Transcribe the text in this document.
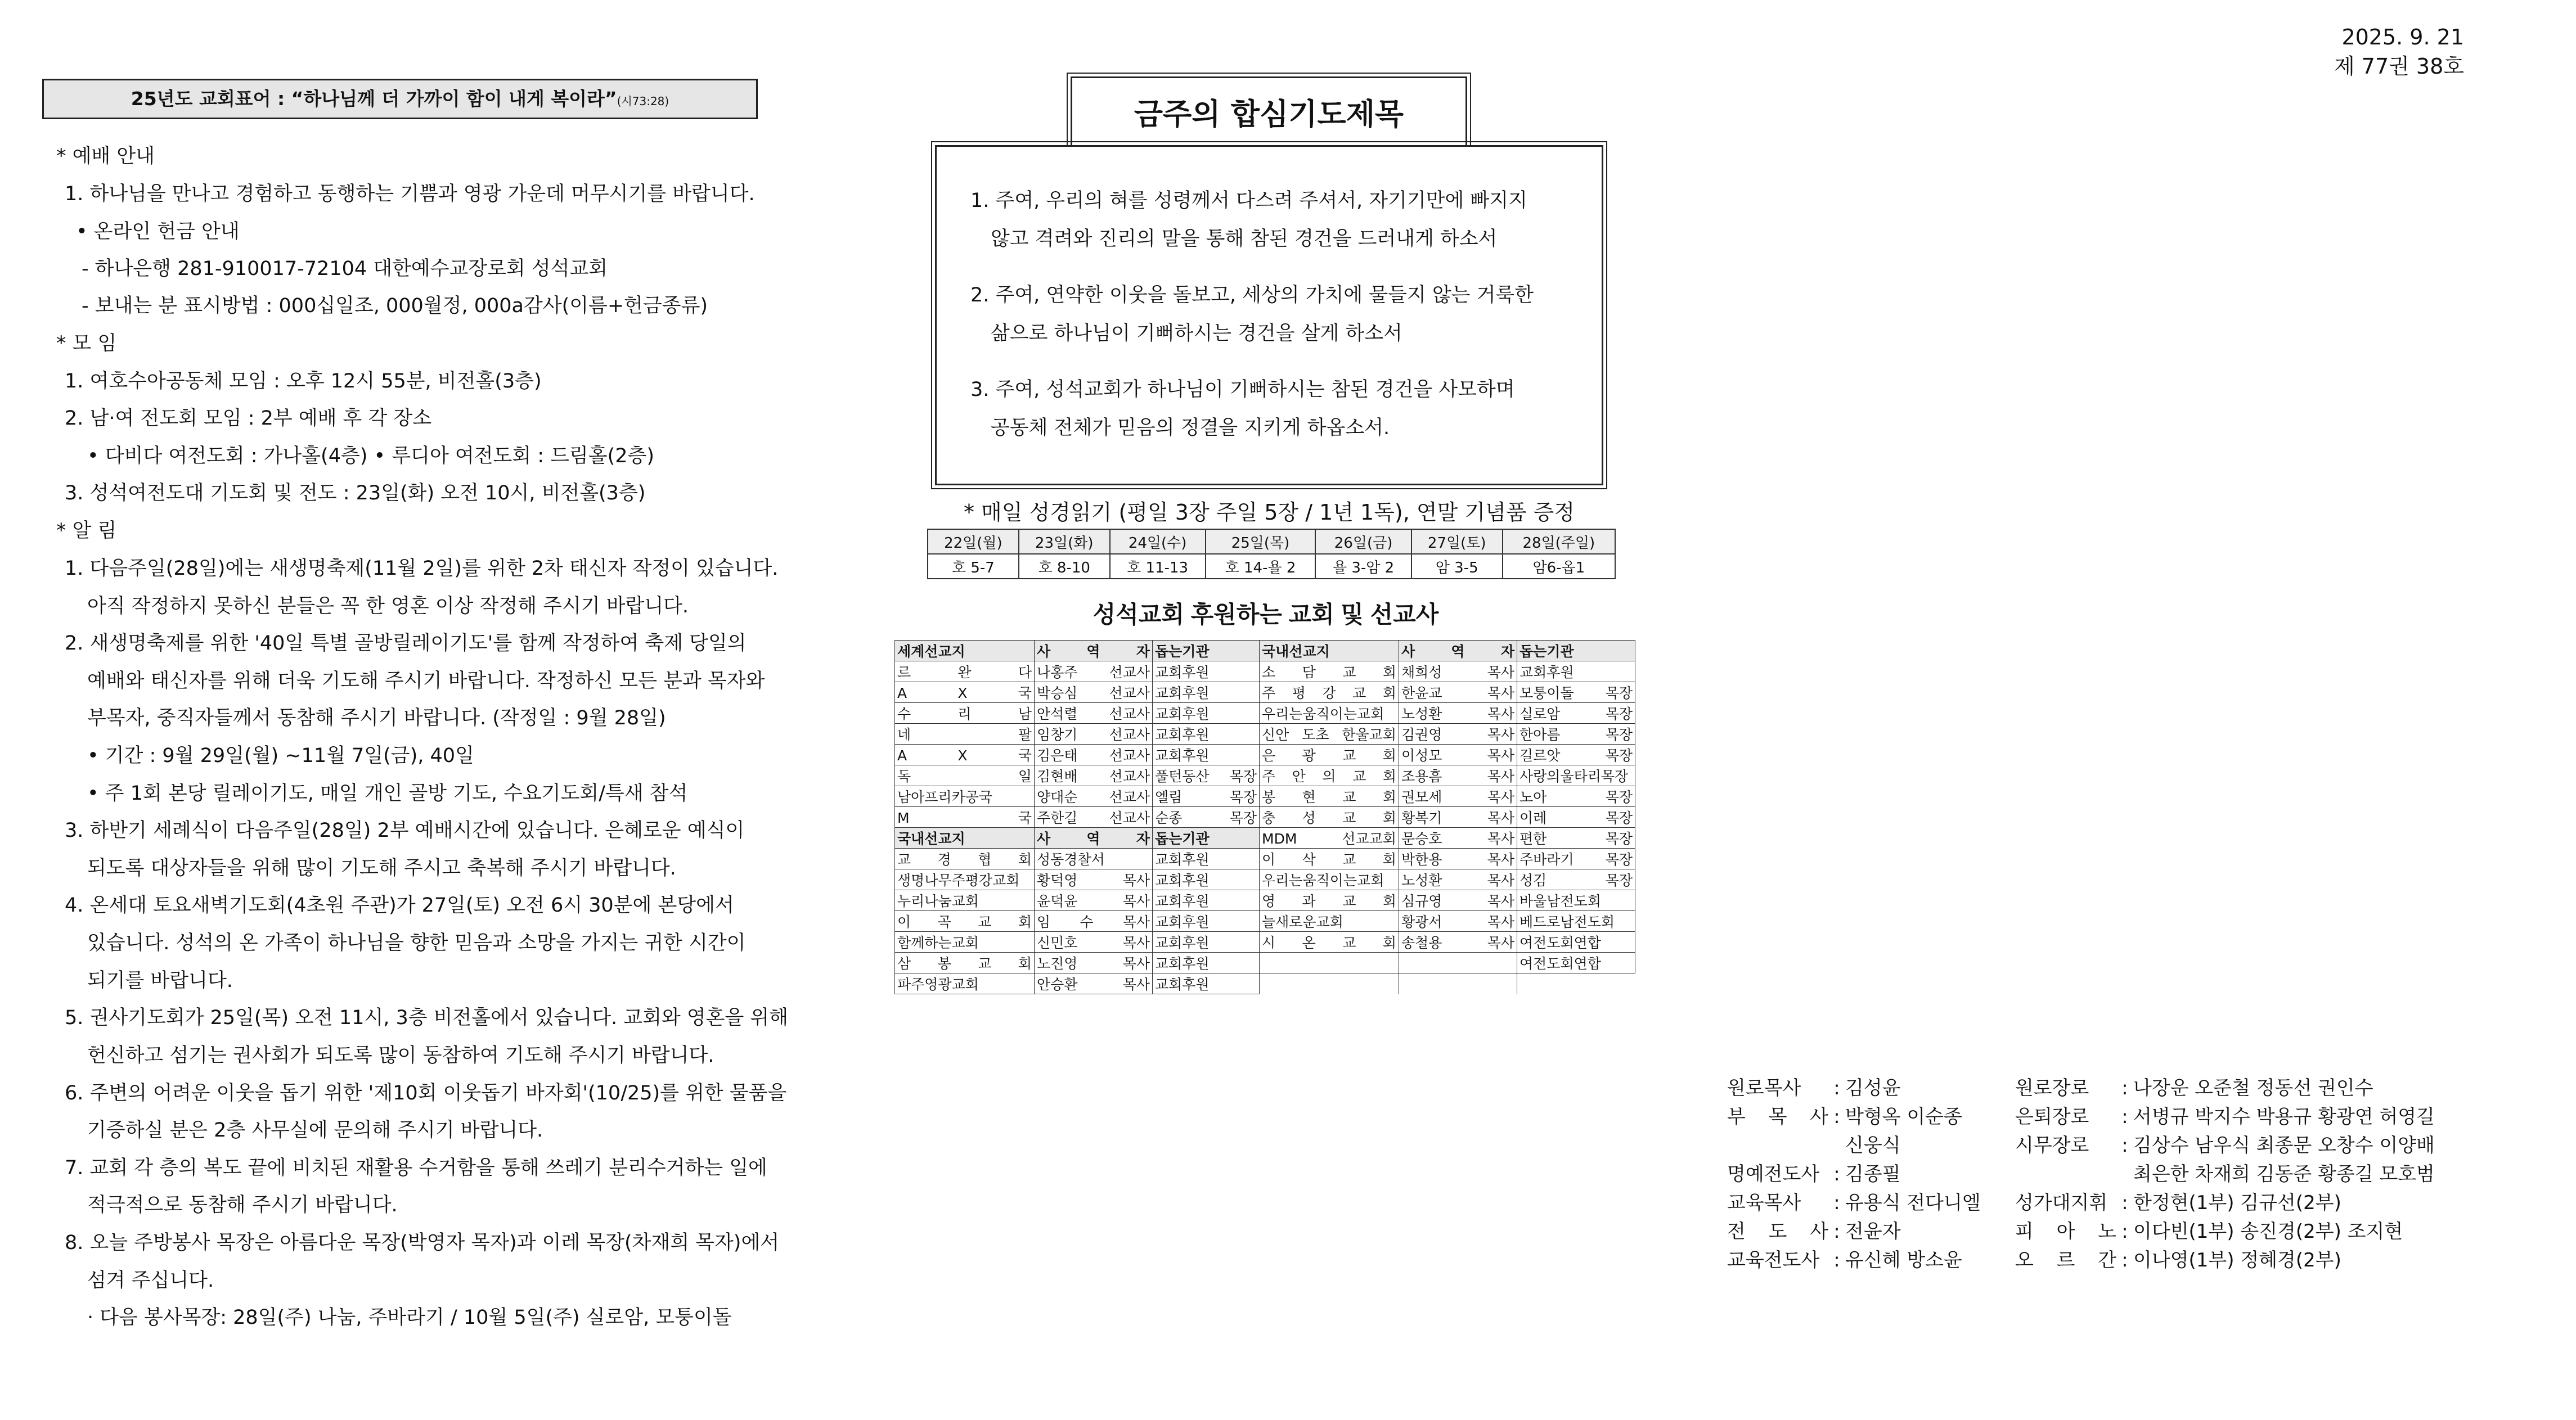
2025. 9. 21
제 77권 38호
25년도 교회표어 : “하나님께 더 가까이 함이 내게 복이라”(시73:28)
* 예배 안내
1. 하나님을 만나고 경험하고 동행하는 기쁨과 영광 가운데 머무시기를 바랍니다.
• 온라인 헌금 안내
- 하나은행 281-910017-72104 대한예수교장로회 성석교회
- 보내는 분 표시방법 : 000십일조, 000월정, 000a감사(이름+헌금종류)
* 모 임
1. 여호수아공동체 모임 : 오후 12시 55분, 비전홀(3층)
2. 남·여 전도회 모임 : 2부 예배 후 각 장소
• 다비다 여전도회 : 가나홀(4층) • 루디아 여전도회 : 드림홀(2층)
3. 성석여전도대 기도회 및 전도 : 23일(화) 오전 10시, 비전홀(3층)
* 알 림
1. 다음주일(28일)에는 새생명축제(11월 2일)를 위한 2차 태신자 작정이 있습니다.
아직 작정하지 못하신 분들은 꼭 한 영혼 이상 작정해 주시기 바랍니다.
2. 새생명축제를 위한 '40일 특별 골방릴레이기도'를 함께 작정하여 축제 당일의
예배와 태신자를 위해 더욱 기도해 주시기 바랍니다. 작정하신 모든 분과 목자와
부목자, 중직자들께서 동참해 주시기 바랍니다. (작정일 : 9월 28일)
• 기간 : 9월 29일(월) ~11월 7일(금), 40일
• 주 1회 본당 릴레이기도, 매일 개인 골방 기도, 수요기도회/특새 참석
3. 하반기 세례식이 다음주일(28일) 2부 예배시간에 있습니다. 은혜로운 예식이
되도록 대상자들을 위해 많이 기도해 주시고 축복해 주시기 바랍니다.
4. 온세대 토요새벽기도회(4초원 주관)가 27일(토) 오전 6시 30분에 본당에서
있습니다. 성석의 온 가족이 하나님을 향한 믿음과 소망을 가지는 귀한 시간이
되기를 바랍니다.
5. 권사기도회가 25일(목) 오전 11시, 3층 비전홀에서 있습니다. 교회와 영혼을 위해
헌신하고 섬기는 권사회가 되도록 많이 동참하여 기도해 주시기 바랍니다.
6. 주변의 어려운 이웃을 돕기 위한 '제10회 이웃돕기 바자회'(10/25)를 위한 물품을
기증하실 분은 2층 사무실에 문의해 주시기 바랍니다.
7. 교회 각 층의 복도 끝에 비치된 재활용 수거함을 통해 쓰레기 분리수거하는 일에
적극적으로 동참해 주시기 바랍니다.
8. 오늘 주방봉사 목장은 아름다운 목장(박영자 목자)과 이레 목장(차재희 목자)에서
섬겨 주십니다.
· 다음 봉사목장: 28일(주) 나눔, 주바라기 / 10월 5일(주) 실로암, 모퉁이돌
금주의 합심기도제목
1. 주여, 우리의 혀를 성령께서 다스려 주셔서, 자기기만에 빠지지
않고 격려와 진리의 말을 통해 참된 경건을 드러내게 하소서
2. 주여, 연약한 이웃을 돌보고, 세상의 가치에 물들지 않는 거룩한
삶으로 하나님이 기뻐하시는 경건을 살게 하소서
3. 주여, 성석교회가 하나님이 기뻐하시는 참된 경건을 사모하며
공동체 전체가 믿음의 정결을 지키게 하옵소서.
* 매일 성경읽기 (평일 3장 주일 5장 / 1년 1독), 연말 기념품 증정
22일(월)	23일(화)	24일(수)	25일(목)	26일(금)	27일(토)	28일(주일)
호 5-7	호 8-10	호 11-13	호 14-욜 2	욜 3-암 2	암 3-5	암6-옵1
성석교회 후원하는 교회 및 선교사
세계선교지	사 역 자	돕는기관	국내선교지	사 역 자	돕는기관
르 완 다	나홍주 선교사	교회후원	소 담 교 회	채희성 목사	교회후원
A X 국	박승심 선교사	교회후원	주 평 강 교 회	한윤교 목사	모퉁이돌 목장
수 리 남	안석렬 선교사	교회후원	우리는움직이는교회	노성환 목사	실로암 목장
네 팔	임창기 선교사	교회후원	신안 도초 한울교회	김권영 목사	한아름 목장
A X 국	김은태 선교사	교회후원	은 광 교 회	이성모 목사	길르앗 목장
독 일	김현배 선교사	풀턴동산 목장	주 안 의 교 회	조용흠 목사	사랑의울타리목장
남아프리카공국	양대순 선교사	엘림 목장	봉 현 교 회	권모세 목사	노아 목장
M 국	주한길 선교사	순종 목장	충 성 교 회	황복기 목사	이레 목장
국내선교지	사 역 자	돕는기관	MDM 선교교회	문승호 목사	편한 목장
교 경 협 회	성동경찰서	교회후원	이 삭 교 회	박한용 목사	주바라기 목장
생명나무주평강교회	황덕영 목사	교회후원	우리는움직이는교회	노성환 목사	성김 목장
누리나눔교회	윤덕윤 목사	교회후원	영 과 교 회	심규영 목사	바울남전도회
이 곡 교 회	임 수 목사	교회후원	늘새로운교회	황광서 목사	베드로남전도회
함께하는교회	신민호 목사	교회후원	시 온 교 회	송철용 목사	여전도회연합
삼 봉 교 회	노진영 목사	교회후원			여전도회연합
파주영광교회	안승환 목사	교회후원			
원로목사	: 김성윤
부 목 사 : 박형옥 이순종
신웅식
명예전도사 : 김종필
교육목사	: 유용식 전다니엘
전 도 사 : 전윤자
교육전도사 : 유신혜 방소윤
원로장로	: 나장운 오준철 정동선 권인수
은퇴장로	: 서병규 박지수 박용규 황광연 허영길
시무장로	: 김상수 남우식 최종문 오창수 이양배
최은한 차재희 김동준 황종길 모호범
성가대지휘 : 한정현(1부) 김규선(2부)
피 아 노 : 이다빈(1부) 송진경(2부) 조지현
오 르 간 : 이나영(1부) 정혜경(2부)
